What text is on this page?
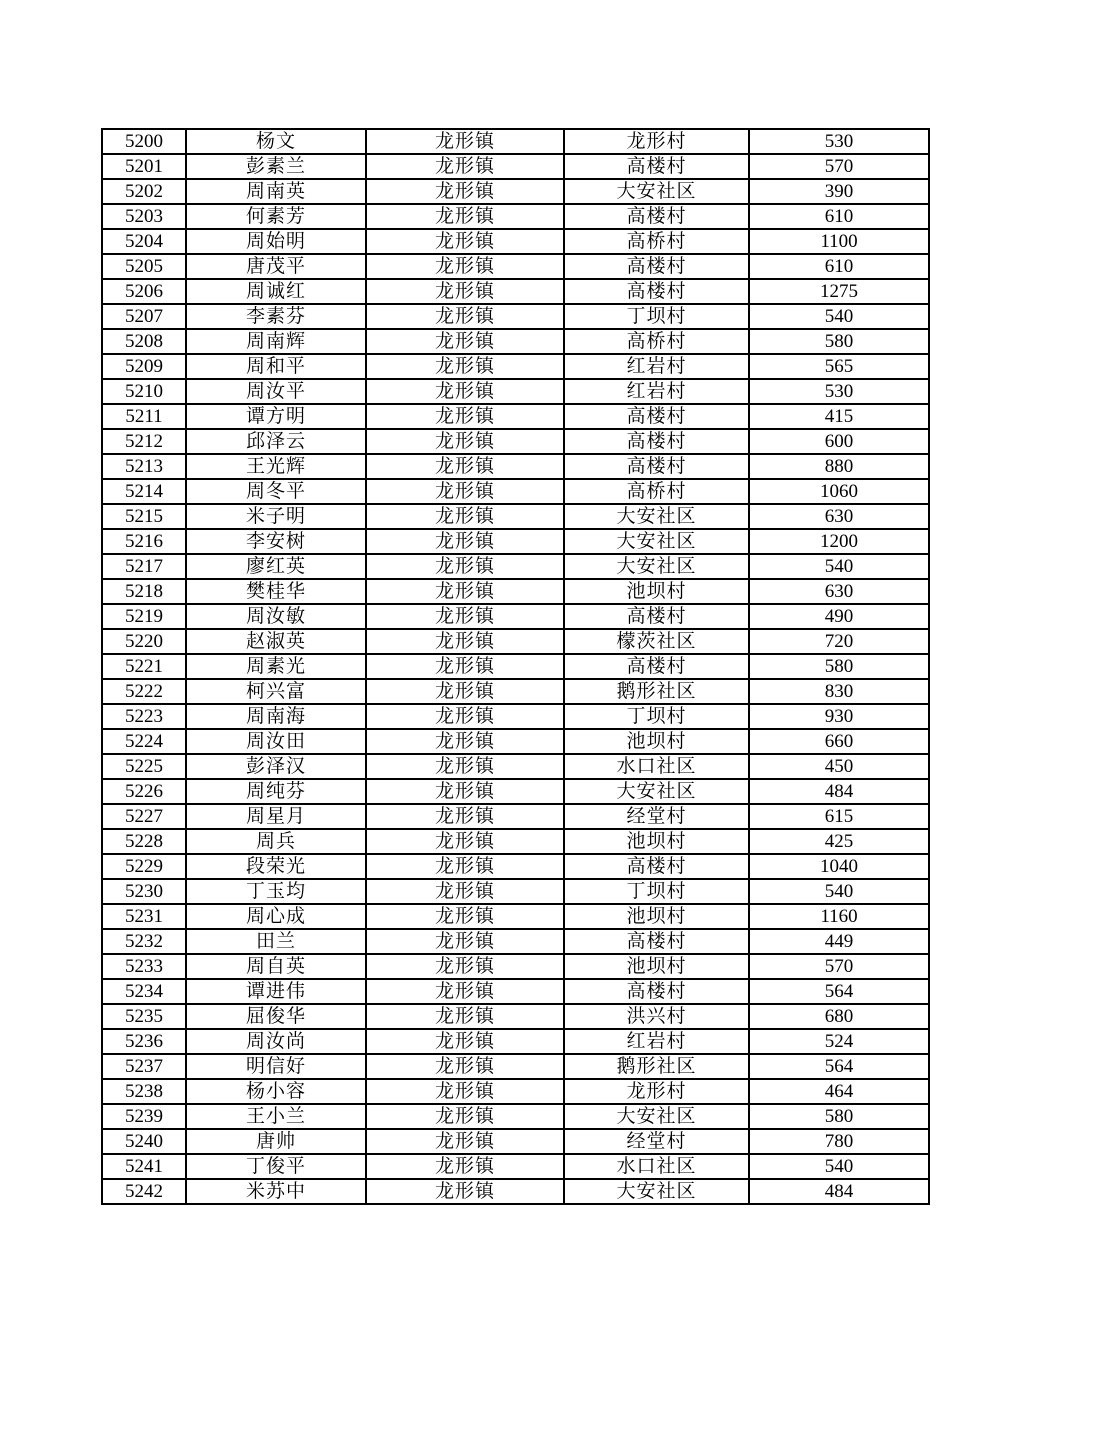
5200	杨文	龙形镇	龙形村	530
5201	彭素兰	龙形镇	高楼村	570
5202	周南英	龙形镇	大安社区	390
5203	何素芳	龙形镇	高楼村	610
5204	周始明	龙形镇	高桥村	1100
5205	唐茂平	龙形镇	高楼村	610
5206	周诚红	龙形镇	高楼村	1275
5207	李素芬	龙形镇	丁坝村	540
5208	周南辉	龙形镇	高桥村	580
5209	周和平	龙形镇	红岩村	565
5210	周汝平	龙形镇	红岩村	530
5211	谭方明	龙形镇	高楼村	415
5212	邱泽云	龙形镇	高楼村	600
5213	王光辉	龙形镇	高楼村	880
5214	周冬平	龙形镇	高桥村	1060
5215	米子明	龙形镇	大安社区	630
5216	李安树	龙形镇	大安社区	1200
5217	廖红英	龙形镇	大安社区	540
5218	樊桂华	龙形镇	池坝村	630
5219	周汝敏	龙形镇	高楼村	490
5220	赵淑英	龙形镇	檬茨社区	720
5221	周素光	龙形镇	高楼村	580
5222	柯兴富	龙形镇	鹅形社区	830
5223	周南海	龙形镇	丁坝村	930
5224	周汝田	龙形镇	池坝村	660
5225	彭泽汉	龙形镇	水口社区	450
5226	周纯芬	龙形镇	大安社区	484
5227	周星月	龙形镇	经堂村	615
5228	周兵	龙形镇	池坝村	425
5229	段荣光	龙形镇	高楼村	1040
5230	丁玉均	龙形镇	丁坝村	540
5231	周心成	龙形镇	池坝村	1160
5232	田兰	龙形镇	高楼村	449
5233	周自英	龙形镇	池坝村	570
5234	谭进伟	龙形镇	高楼村	564
5235	屈俊华	龙形镇	洪兴村	680
5236	周汝尚	龙形镇	红岩村	524
5237	明信好	龙形镇	鹅形社区	564
5238	杨小容	龙形镇	龙形村	464
5239	王小兰	龙形镇	大安社区	580
5240	唐帅	龙形镇	经堂村	780
5241	丁俊平	龙形镇	水口社区	540
5242	米苏中	龙形镇	大安社区	484
